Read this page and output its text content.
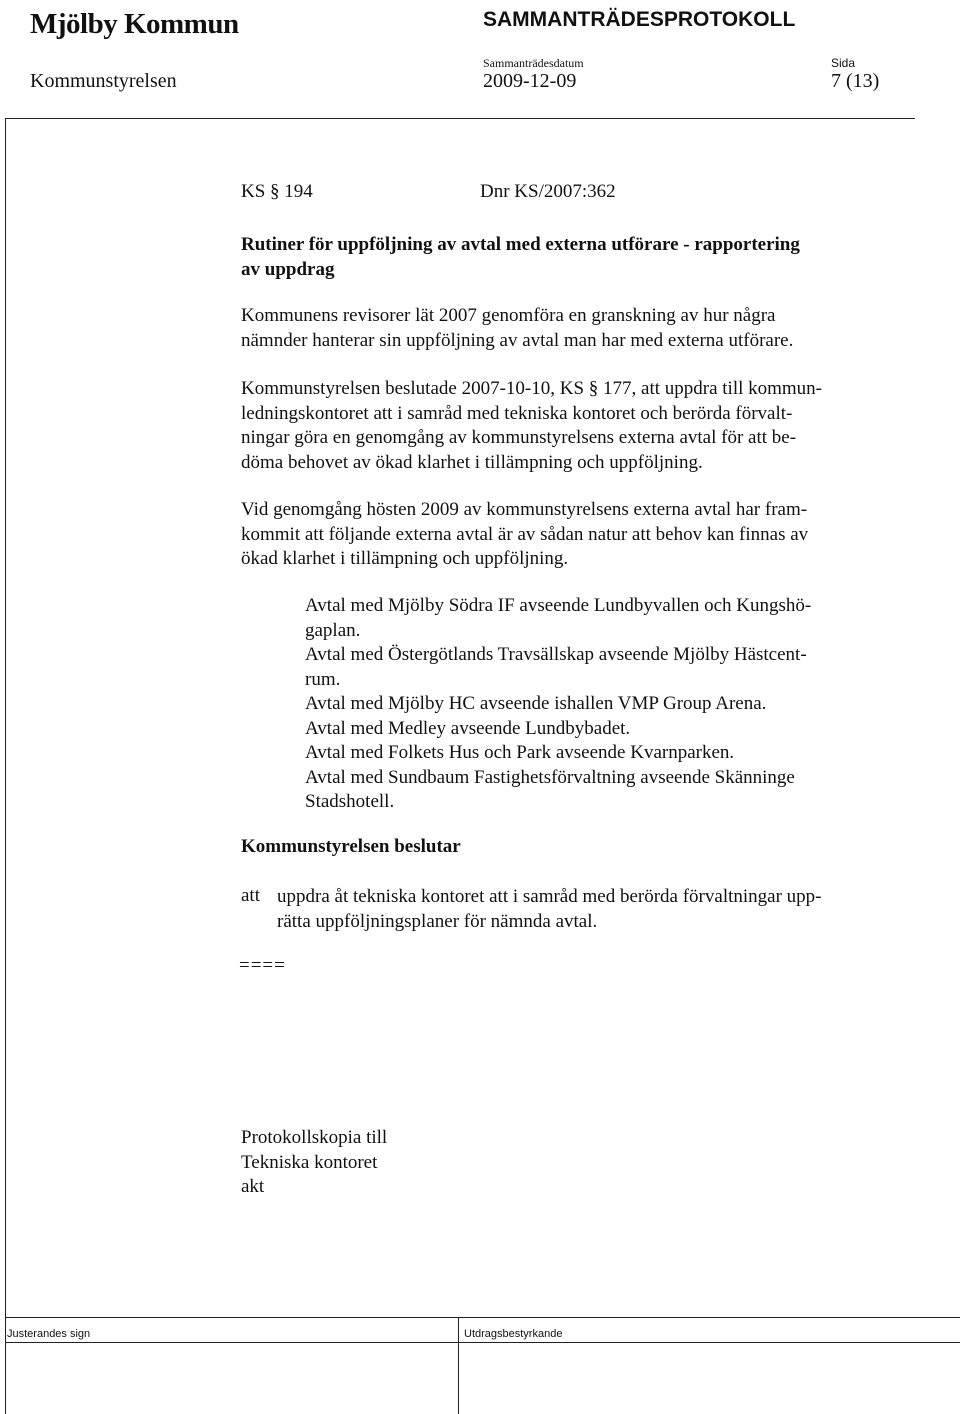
Mjölby Kommun	SAMMANTRÄDESPROTOKOLL
Sammanträdesdatum	Sida
Kommunstyrelsen	2009-12-09	7 (13)
KS § 194	Dnr KS/2007:362
Rutiner för uppföljning av avtal med externa utförare - rapportering
av uppdrag
Kommunens revisorer lät 2007 genomföra en granskning av hur några
nämnder hanterar sin uppföljning av avtal man har med externa utförare.
Kommunstyrelsen beslutade 2007-10-10, KS § 177, att uppdra till kommun-
ledningskontoret att i samråd med tekniska kontoret och berörda förvalt-
ningar göra en genomgång av kommunstyrelsens externa avtal för att be-
döma behovet av ökad klarhet i tillämpning och uppföljning.
Vid genomgång hösten 2009 av kommunstyrelsens externa avtal har fram-
kommit att följande externa avtal är av sådan natur att behov kan finnas av
ökad klarhet i tillämpning och uppföljning.
Avtal med Mjölby Södra IF avseende Lundbyvallen och Kungshö-
gaplan.
Avtal med Östergötlands Travsällskap avseende Mjölby Hästcent-
rum.
Avtal med Mjölby HC avseende ishallen VMP Group Arena.
Avtal med Medley avseende Lundbybadet.
Avtal med Folkets Hus och Park avseende Kvarnparken.
Avtal med Sundbaum Fastighetsförvaltning avseende Skänninge
Stadshotell.
Kommunstyrelsen beslutar
att uppdra åt tekniska kontoret att i samråd med berörda förvaltningar upp-
rätta uppföljningsplaner för nämnda avtal.
====
Protokollskopia till
Tekniska kontoret
akt
Justerandes sign	Utdragsbestyrkande
